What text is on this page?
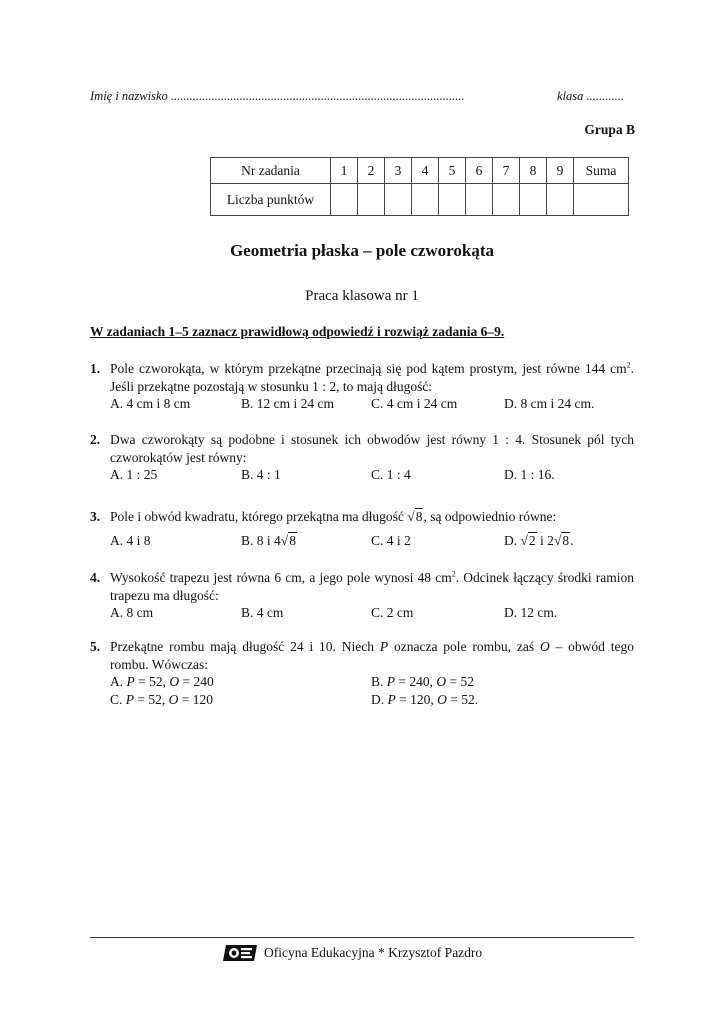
Imię i nazwisko ..............................................................................................	klasa ............
Grupa B
Nr zadania	1	2	3	4	5	6	7	8	9	Suma
Liczba punktów										
Geometria płaska – pole czworokąta
Praca klasowa nr 1
W zadaniach 1–5 zaznacz prawidłową odpowiedź i rozwiąż zadania 6–9.
1. Pole czworokąta, w którym przekątne przecinają się pod kątem prostym, jest równe 144 $cm^2$. Jeśli przekątne pozostają w stosunku 1 : 2, to mają długość:
A. 4 cm i 8 cm	B. 12 cm i 24 cm	C. 4 cm i 24 cm	D. 8 cm i 24 cm.
2. Dwa czworokąty są podobne i stosunek ich obwodów jest równy 1 : 4. Stosunek pól tych czworokątów jest równy:
A. 1 : 25	B. 4 : 1	C. 1 : 4	D. 1 : 16.
3. Pole i obwód kwadratu, którego przekątna ma długość √8, są odpowiednio równe:
A. 4 i 8	B. 8 i 4√8	C. 4 i 2	D. √2 i 2√8.
4. Wysokość trapezu jest równa 6 cm, a jego pole wynosi 48 $cm^2$. Odcinek łączący środki ramion trapezu ma długość:
A. 8 cm	B. 4 cm	C. 2 cm	D. 12 cm.
5. Przekątne rombu mają długość 24 i 10. Niech P oznacza pole rombu, zaś O – obwód tego rombu. Wówczas:
A. P = 52, O = 240	B. P = 240, O = 52
C. P = 52, O = 120	D. P = 120, O = 52.
Oficyna Edukacyjna * Krzysztof Pazdro
